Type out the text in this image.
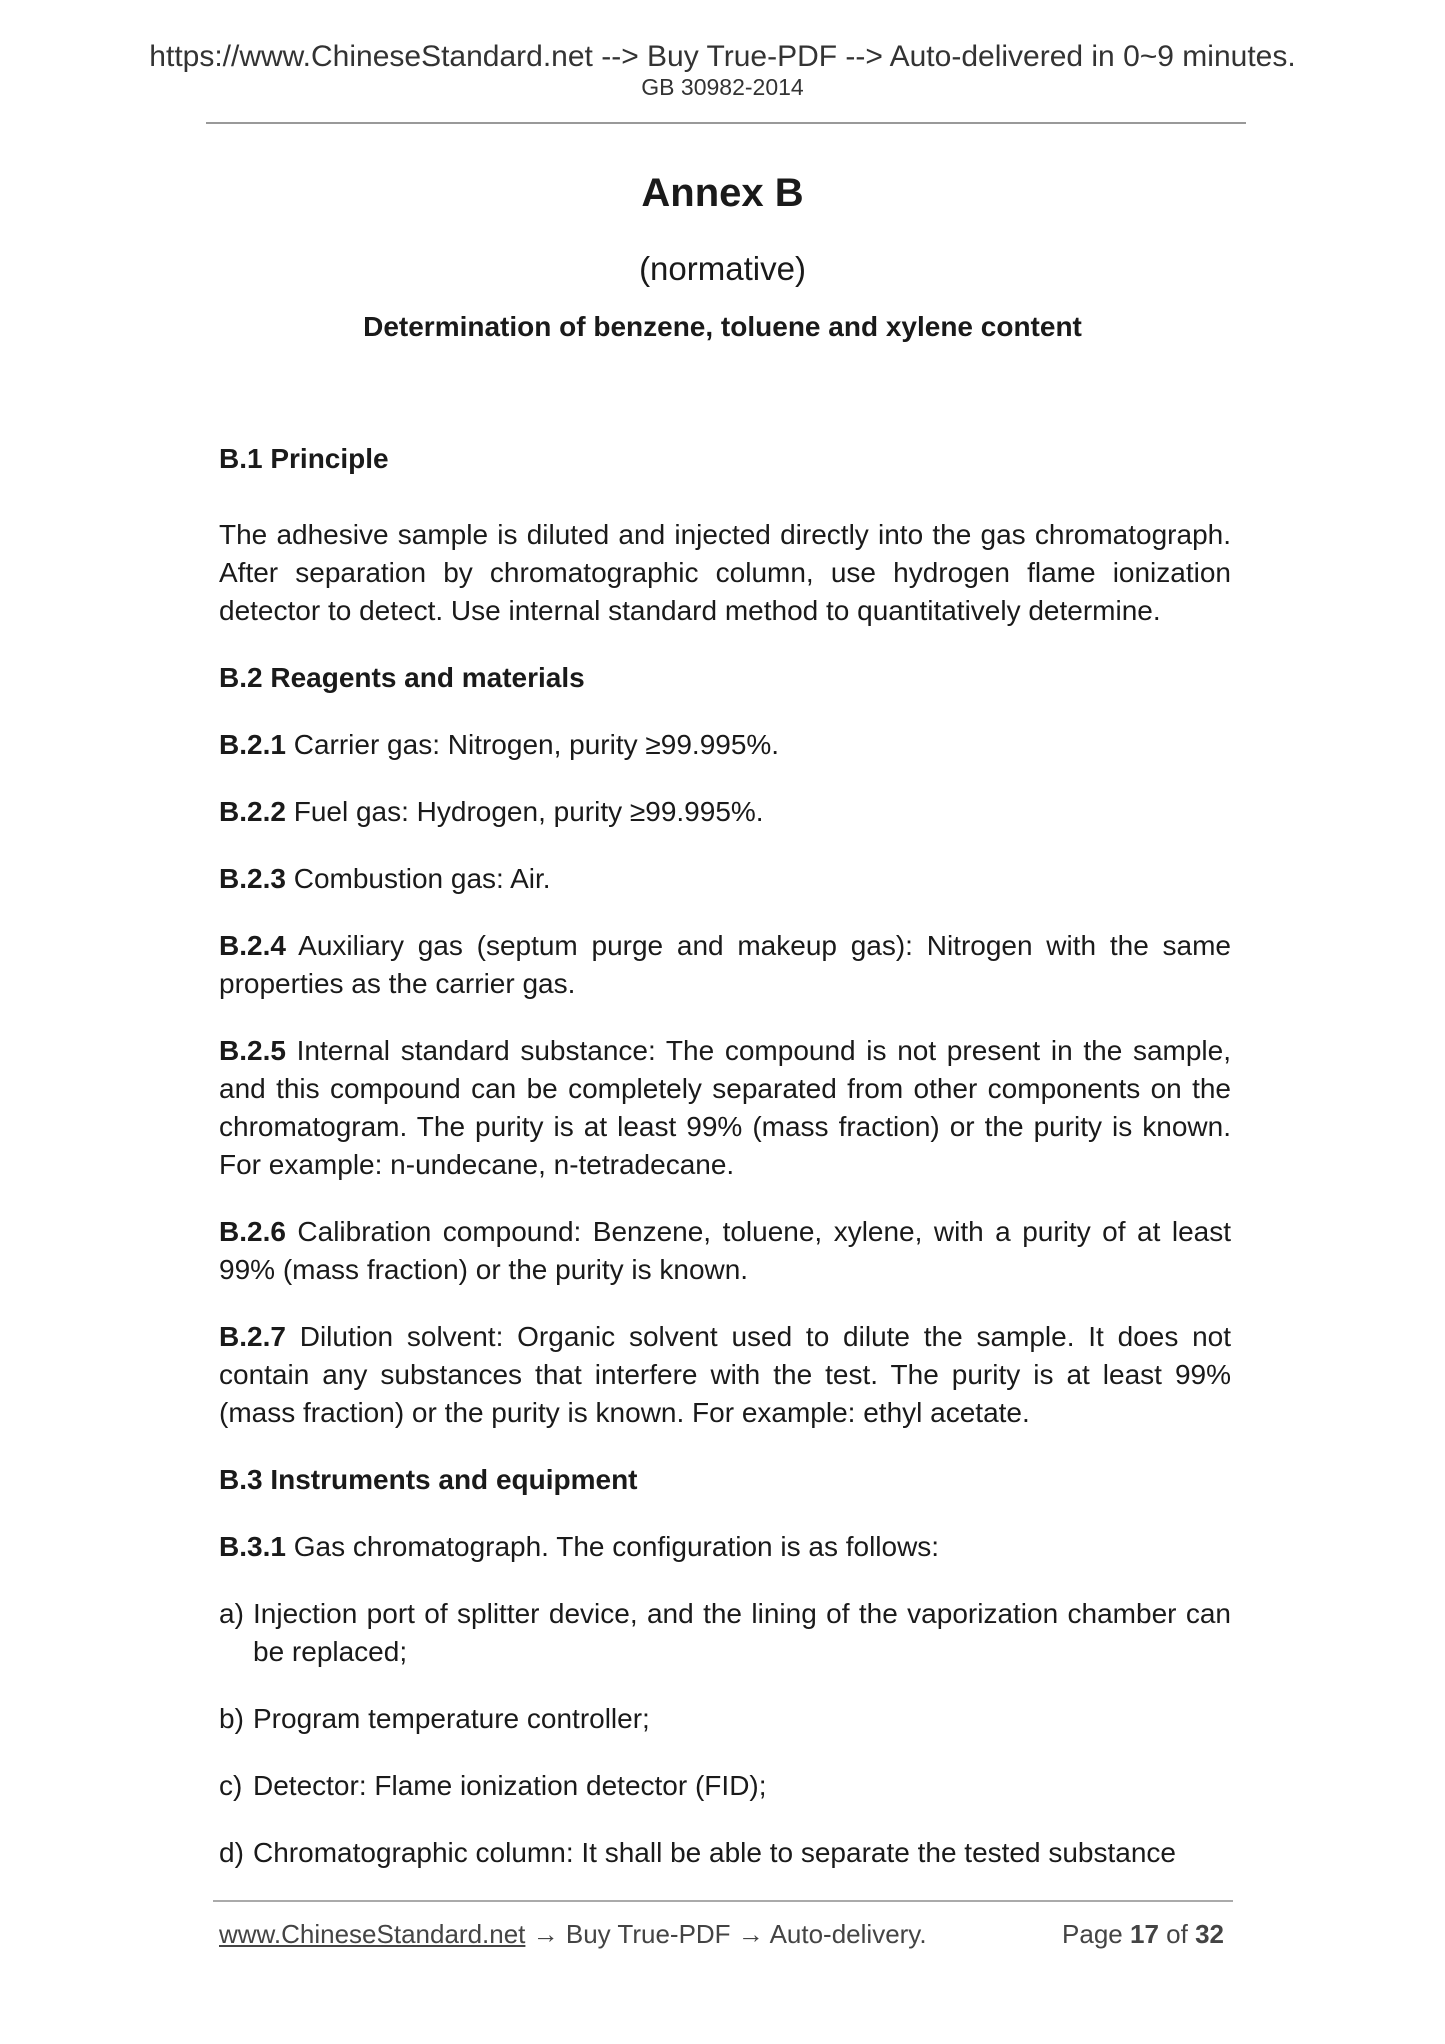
https://www.ChineseStandard.net --> Buy True-PDF --> Auto-delivered in 0~9 minutes.
GB 30982-2014
Annex B
(normative)
Determination of benzene, toluene and xylene content
B.1 Principle

The adhesive sample is diluted and injected directly into the gas chromatograph. After separation by chromatographic column, use hydrogen flame ionization detector to detect. Use internal standard method to quantitatively determine.

B.2 Reagents and materials

B.2.1 Carrier gas: Nitrogen, purity ≥99.995%.

B.2.2 Fuel gas: Hydrogen, purity ≥99.995%.

B.2.3 Combustion gas: Air.

B.2.4 Auxiliary gas (septum purge and makeup gas): Nitrogen with the same properties as the carrier gas.

B.2.5 Internal standard substance: The compound is not present in the sample, and this compound can be completely separated from other components on the chromatogram. The purity is at least 99% (mass fraction) or the purity is known. For example: n-undecane, n-tetradecane.

B.2.6 Calibration compound: Benzene, toluene, xylene, with a purity of at least 99% (mass fraction) or the purity is known.

B.2.7 Dilution solvent: Organic solvent used to dilute the sample. It does not contain any substances that interfere with the test. The purity is at least 99% (mass fraction) or the purity is known. For example: ethyl acetate.

B.3 Instruments and equipment

B.3.1 Gas chromatograph. The configuration is as follows:

a) Injection port of splitter device, and the lining of the vaporization chamber can be replaced;

b) Program temperature controller;

c) Detector: Flame ionization detector (FID);

d) Chromatographic column: It shall be able to separate the tested substance

www.ChineseStandard.net → Buy True-PDF → Auto-delivery.	Page 17 of 32
